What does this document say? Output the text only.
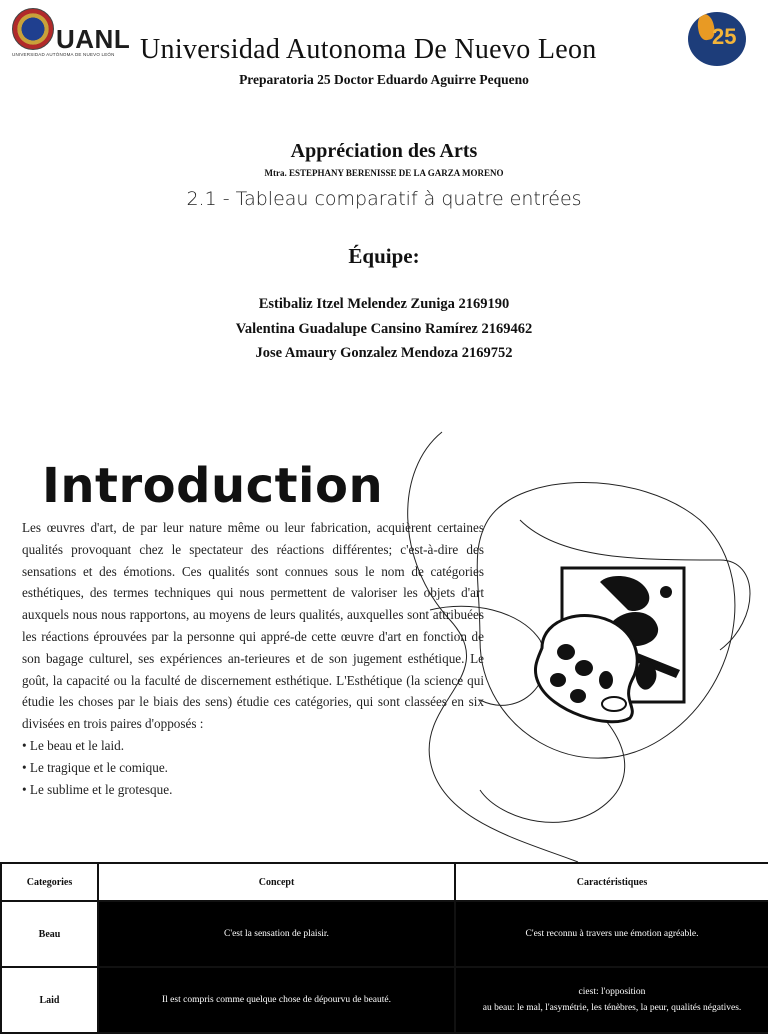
UANL
UNIVERSIDAD AUTÓNOMA DE NUEVO LEÓN
25
Universidad Autonoma De Nuevo Leon
Preparatoria 25 Doctor Eduardo Aguirre Pequeno
Appréciation des Arts
Mtra. ESTEPHANY BERENISSE DE LA GARZA MORENO
2.1 - Tableau comparatif à quatre entrées
Équipe:
Estibaliz Itzel Melendez Zuniga 2169190
Valentina Guadalupe Cansino Ramírez 2169462
Jose Amaury Gonzalez Mendoza 2169752
Introduction

Les œuvres d'art, de par leur nature même ou leur fabrication, acquièrent certaines qualités provoquant chez le spectateur des réactions différentes; c'est-à-dire des sensations et des émotions. Ces qualités sont connues sous le nom de catégories esthétiques, des termes techniques qui nous permettent de valoriser les objets d'art auxquels nous nous rapportons, au moyens de leurs qualités, auxquelles sont attribuées les réactions éprouvées par la personne qui appré-de cette œuvre d'art en fonction de son bagage culturel, ses expériences an-terieures et de son jugement esthétique. Le goût, la capacité ou la faculté de discernement esthétique. L'Esthétique (la science qui étudie les choses par le biais des sens) étudie ces catégories, qui sont classées en six divisées en trois paires d'opposés :

• Le beau et le laid.
• Le tragique et le comique.
• Le sublime et le grotesque.
Categories	Concept	Caractéristiques
Beau	C'est la sensation de plaisir.	C'est reconnu à travers une émotion agréable.
Laid	Il est compris comme quelque chose de dépourvu de beauté.	ciest: l'opposition
au beau: le mal, l'asymétrie, les ténèbres, la peur, qualités négatives.
